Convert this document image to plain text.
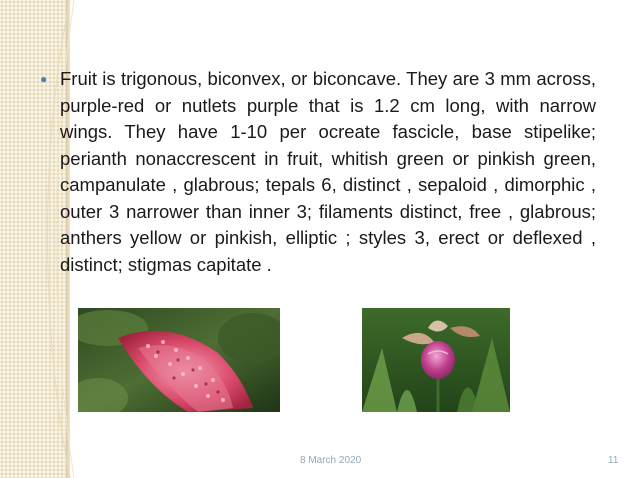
● Fruit is trigonous, biconvex, or biconcave. They are 3 mm across, purple-red or nutlets purple that is 1.2 cm long, with narrow wings. They have 1-10 per ocreate fascicle, base stipelike; perianth nonaccrescent in fruit, whitish green or pinkish green, campanulate , glabrous; tepals 6, distinct , sepaloid , dimorphic , outer 3 narrower than inner 3; filaments distinct, free , glabrous; anthers yellow or pinkish, elliptic ; styles 3, erect or deflexed , distinct; stigmas capitate .
8 March 2020	11
